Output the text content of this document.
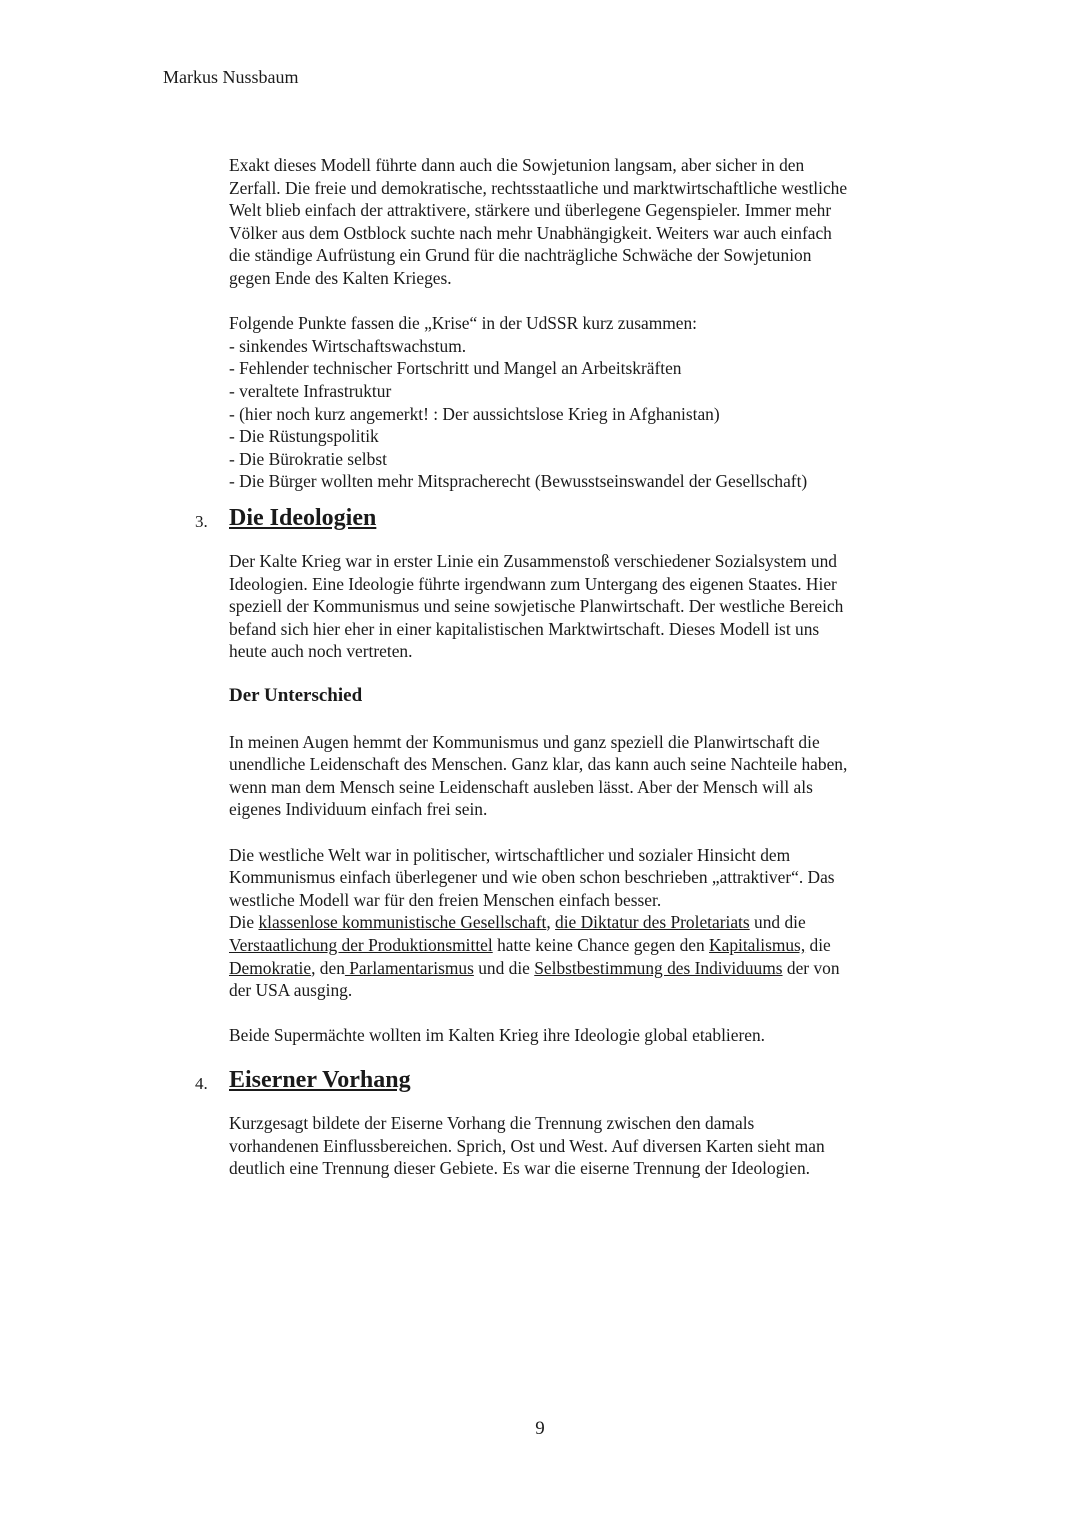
Markus Nussbaum

Exakt dieses Modell führte dann auch die Sowjetunion langsam, aber sicher in den
Zerfall. Die freie und demokratische, rechtsstaatliche und marktwirtschaftliche westliche
Welt blieb einfach der attraktivere, stärkere und überlegene Gegenspieler. Immer mehr
Völker aus dem Ostblock suchte nach mehr Unabhängigkeit. Weiters war auch einfach
die ständige Aufrüstung ein Grund für die nachträgliche Schwäche der Sowjetunion
gegen Ende des Kalten Krieges.

Folgende Punkte fassen die „Krise“ in der UdSSR kurz zusammen:

- sinkendes Wirtschaftswachstum.

- Fehlender technischer Fortschritt und Mangel an Arbeitskräften

- veraltete Infrastruktur

- (hier noch kurz angemerkt! : Der aussichtslose Krieg in Afghanistan)

- Die Rüstungspolitik

- Die Bürokratie selbst

- Die Bürger wollten mehr Mitspracherecht (Bewusstseinswandel der Gesellschaft)

3. Die Ideologien

Der Kalte Krieg war in erster Linie ein Zusammenstoß verschiedener Sozialsystem und
Ideologien. Eine Ideologie führte irgendwann zum Untergang des eigenen Staates. Hier
speziell der Kommunismus und seine sowjetische Planwirtschaft. Der westliche Bereich
befand sich hier eher in einer kapitalistischen Marktwirtschaft. Dieses Modell ist uns
heute auch noch vertreten.

Der Unterschied

In meinen Augen hemmt der Kommunismus und ganz speziell die Planwirtschaft die
unendliche Leidenschaft des Menschen. Ganz klar, das kann auch seine Nachteile haben,
wenn man dem Mensch seine Leidenschaft ausleben lässt. Aber der Mensch will als
eigenes Individuum einfach frei sein.

Die westliche Welt war in politischer, wirtschaftlicher und sozialer Hinsicht dem
Kommunismus einfach überlegener und wie oben schon beschrieben „attraktiver“. Das
westliche Modell war für den freien Menschen einfach besser.

Die klassenlose kommunistische Gesellschaft, die Diktatur des Proletariats und die
Verstaatlichung der Produktionsmittel hatte keine Chance gegen den Kapitalismus, die
Demokratie, den Parlamentarismus und die Selbstbestimmung des Individuums der von
der USA ausging.

Beide Supermächte wollten im Kalten Krieg ihre Ideologie global etablieren.

4. Eiserner Vorhang

Kurzgesagt bildete der Eiserne Vorhang die Trennung zwischen den damals
vorhandenen Einflussbereichen. Sprich, Ost und West. Auf diversen Karten sieht man
deutlich eine Trennung dieser Gebiete. Es war die eiserne Trennung der Ideologien.

9
